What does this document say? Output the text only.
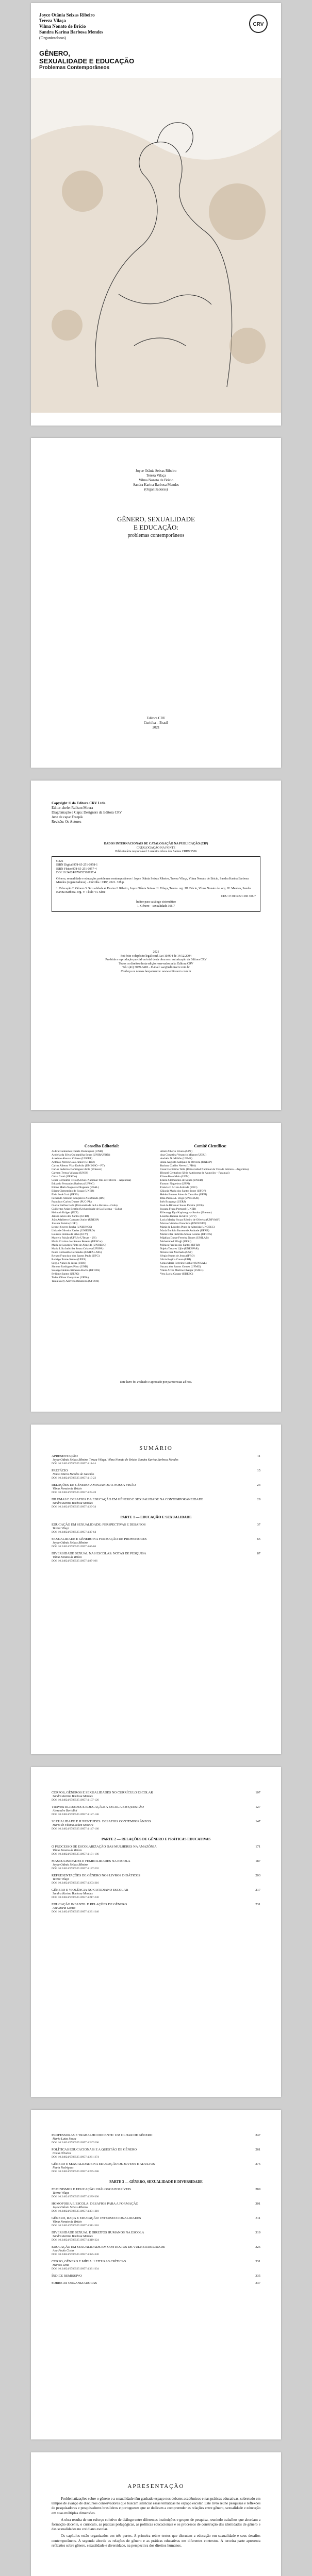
Joyce Otânia Seixas Ribeiro
Tereza Vilaça
Vilma Nonato de Brício
Sandra Karina Barbosa Mendes
(Organizadoras)
CRV
GÊNERO,
SEXUALIDADE E EDUCAÇÃO
Problemas Contemporâneos
Joyce Otânia Seixas Ribeiro
Tereza Vilaça
Vilma Nonato de Brício
Sandra Karina Barbosa Mendes
(Organizadoras)
GÊNERO, SEXUALIDADE
E EDUCAÇÃO:
problemas contemporâneos
Editora CRV
Curitiba – Brasil
2021
Copyright © da Editora CRV Ltda.
Editor-chefe: Railson Moura
Diagramação e Capa: Designers da Editora CRV
Arte de capa: Freepik
Revisão: Os Autores
DADOS INTERNACIONAIS DE CATALOGAÇÃO NA PUBLICAÇÃO (CIP)
CATALOGAÇÃO NA FONTE
Bibliotecária responsável: Luzenira Alves dos Santos CRB9/1506
G326
ISBN Digital 978-65-251-0958-1
ISBN Físico 978-65-251-0957-4
DOI 10.24824/978652510957.4
Gênero, sexualidade e educação: problemas contemporâneos / Joyce Otânia Seixas Ribeiro, Tereza Vilaça, Vilma Nonato de Brício, Sandra Karina Barbosa Mendes (organizadoras) – Curitiba : CRV, 2021. 338 p.
1. Educação 2. Gênero 3. Sexualidade 4. Ensino I. Ribeiro, Joyce Otânia Seixas. II. Vilaça, Tereza. org. III. Brício, Vilma Nonato de. org. IV. Mendes, Sandra Karina Barbosa. org. V. Título VI. Série
CDU 37.01:305 CDD 306.7
Índice para catálogo sistemático
1. Gênero – sexualidade 306.7
2021
Foi feito o depósito legal conf. Lei 10.994 de 14/12/2004
Proibida a reprodução parcial ou total desta obra sem autorização da Editora CRV
Todos os direitos desta edição reservados pela: Editora CRV
Tel.: (41) 3039-6418 – E-mail: sac@editoracrv.com.br
Conheça os nossos lançamentos: www.editoracrv.com.br
Conselho Editorial:
Aldira Guimarães Duarte Domínguez (UNB)
Andréia da Silva Quintanilha Sousa (UNIR/UFRN)
Anselmo Alencar Colares (UFOPA)
Antônio Pereira Gaio Júnior (UFRRJ)
Carlos Alberto Vilar Estêvão (UMINHO – PT)
Carlos Federico Dominguez Avila (Unieuro)
Carmen Tereza Velanga (UNIR)
Celso Conti (UFSCar)
Cesar Gerónimo Tello (Univer. Nacional Três de Febrero – Argentina)
Eduardo Fernandes Barbosa (UFMG)
Elione Maria Nogueira Diogenes (UFAL)
Elizeu Clementino de Souza (UNEB)
Élsio José Corá (UFFS)
Fernando Antônio Gonçalves Alcoforado (IPB)
Francisco Carlos Duarte (PUC-PR)
Gloria Fariñas León (Universidade de La Havana – Cuba)
Guillermo Arias Beatón (Universidade de La Havana – Cuba)
Helmuth Krüger (UCP)
Jailson Alves dos Santos (UFRJ)
João Adalberto Campato Junior (UNESP)
Josania Portela (UFPI)
Leonel Severo Rocha (UNISINOS)
Lídia de Oliveira Xavier (UNIEURO)
Lourdes Helena da Silva (UFV)
Marcelo Paixão (UFRJ e UTexas – US)
Maria Cristina dos Santos Bezerra (UFSCar)
Maria de Lourdes Pinto de Almeida (UNOESC)
Maria Lília Imbiriba Sousa Colares (UFOPA)
Paulo Romualdo Hernandes (UNIFAL-MG)
Renato Francisco dos Santos Paula (UFG)
Rodrigo Pratte-Santos (UFES)
Sérgio Nunes de Jesus (IFRO)
Simone Rodrigues Pinto (UNB)
Solange Helena Ximenes-Rocha (UFOPA)
Sydione Santos (UEPG)
Tadeu Oliver Gonçalves (UFPA)
Tania Suely Azevedo Brasileiro (UFOPA)
Comitê Científico:
Altair Alberto Fávero (UPF)
Ana Chrystina Venancio Mignot (UERJ)
Andréia N. Militão (UEMS)
Anna Augusta Sampaio de Oliveira (UNESP)
Barbara Coelho Neves (UFBA)
Cesar Gerónimo Tello (Universidad Nacional de Três de Febrero – Argentina)
Diosnel Centurion (Univ Autónoma de Asunción – Paraguai)
Eliane Rose Maio (UEM)
Elizeu Clementino de Souza (UNEB)
Fauston Negreiros (UFPI)
Francisco Ari de Andrade (UFC)
Gláucia Maria dos Santos Jorge (UFOP)
Helder Buenos Aires de Carvalho (UFPI)
Ilma Passos A. Veiga (UNICEUB)
Inês Bragança (UERJ)
José de Ribamar Sousa Pereira (UCB)
Jussara Fraga Portugal (UNEB)
Kilwangy Kya Kapitango-a-Samba (Unemat)
Lourdes Helena da Silva (UFV)
Lucia Marisy Souza Ribeiro de Oliveira (UNIVASF)
Marcos Vinicius Francisco (UNOESTE)
Maria de Lourdes Pinto de Almeida (UNOESC)
Maria Eurácia Barreto de Andrade (UFRB)
Maria Lília Imbiriba Sousa Colares (UFOPA)
Míghian Danae Ferreira Nunes (UNILAB)
Mohammed Elhajji (UFRJ)
Mônica Pereira dos Santos (UFRJ)
Najela Tavares Ujiie (UNESPAR)
Nilson José Machado (USP)
Sérgio Nunes de Jesus (IFRO)
Silvia Regina Canan (URI)
Sonia Maria Ferreira Koehler (UNISAL)
Suzana dos Santos Gomes (UFMG)
Vânia Alves Martins Chaigar (FURG)
Vera Lucia Gaspar (UDESC)
Este livro foi avaliado e aprovado por pareceristas ad hoc.
SUMÁRIO
APRESENTAÇÃO	11
Joyce Otânia Seixas Ribeiro, Tereza Vilaça, Vilma Nonato de Brício, Sandra Karina Barbosa Mendes
DOI: 10.24824/978652510957.4.11-14
PREFÁCIO	15
Neusa Maria Mendes de Gusmão
DOI: 10.24824/978652510957.4.15-22
RELAÇÕES DE GÊNERO: AMPLIANDO A NOSSA VISÃO	23
Vilma Nonato de Brício
DOI: 10.24824/978652510957.4.23-28
DILEMAS E DESAFIOS DA EDUCAÇÃO EM GÊNERO E SEXUALIDADE NA CONTEMPORANEIDADE	29
Sandra Karina Barbosa Mendes
DOI: 10.24824/978652510957.4.29-34
PARTE 1 — EDUCAÇÃO E SEXUALIDADE
EDUCAÇÃO EM SEXUALIDADE: PERSPECTIVAS E DESAFIOS	37
Tereza Vilaça
DOI: 10.24824/978652510957.4.37-64
SEXUALIDADE E GÊNERO NA FORMAÇÃO DE PROFESSORES	65
Joyce Otânia Seixas Ribeiro
DOI: 10.24824/978652510957.4.65-86
DIVERSIDADE SEXUAL NAS ESCOLAS: NOTAS DE PESQUISA	87
Vilma Nonato de Brício
DOI: 10.24824/978652510957.4.87-106
CORPOS, GÊNEROS E SEXUALIDADES NO CURRÍCULO ESCOLAR	107
Sandra Karina Barbosa Mendes
DOI: 10.24824/978652510957.4.107-126
TRAVESTILIDADES E EDUCAÇÃO: A ESCOLA EM QUESTÃO	127
Alexandre Bortolini
DOI: 10.24824/978652510957.4.127-146
SEXUALIDADE E JUVENTUDES: DESAFIOS CONTEMPORÂNEOS	147
Maria de Fátima Salum Moreira
DOI: 10.24824/978652510957.4.147-166
PARTE 2 — RELAÇÕES DE GÊNERO E PRÁTICAS EDUCATIVAS
O PROCESSO DE ESCOLARIZAÇÃO DAS MULHERES NA AMAZÔNIA	171
Vilma Nonato de Brício
DOI: 10.24824/978652510957.4.171-186
MASCULINIDADES E FEMINILIDADES NA ESCOLA	187
Joyce Otânia Seixas Ribeiro
DOI: 10.24824/978652510957.4.187-202
REPRESENTAÇÕES DE GÊNERO NOS LIVROS DIDÁTICOS	203
Tereza Vilaça
DOI: 10.24824/978652510957.4.203-216
GÊNERO E VIOLÊNCIA NO COTIDIANO ESCOLAR	217
Sandra Karina Barbosa Mendes
DOI: 10.24824/978652510957.4.217-230
EDUCAÇÃO INFANTIL E RELAÇÕES DE GÊNERO	231
Ana Maria Gomes
DOI: 10.24824/978652510957.4.231-246
PROFESSORAS E TRABALHO DOCENTE: UM OLHAR DE GÊNERO	247
Maria Luiza Souza
DOI: 10.24824/978652510957.4.247-260
POLÍTICAS EDUCACIONAIS E A QUESTÃO DE GÊNERO	261
Carla Oliveira
DOI: 10.24824/978652510957.4.261-274
GÊNERO E SEXUALIDADE NA EDUCAÇÃO DE JOVENS E ADULTOS	275
Paula Rodrigues
DOI: 10.24824/978652510957.4.275-286
PARTE 3 — GÊNERO, SEXUALIDADE E DIVERSIDADE
FEMINISMOS E EDUCAÇÃO: DIÁLOGOS POSSÍVEIS	289
Tereza Vilaça
DOI: 10.24824/978652510957.4.289-300
HOMOFOBIA E ESCOLA: DESAFIOS PARA A FORMAÇÃO	301
Joyce Otânia Seixas Ribeiro
DOI: 10.24824/978652510957.4.301-310
GÊNERO, RAÇA E EDUCAÇÃO: INTERSECCIONALIDADES	311
Vilma Nonato de Brício
DOI: 10.24824/978652510957.4.311-318
DIVERSIDADE SEXUAL E DIREITOS HUMANOS NA ESCOLA	319
Sandra Karina Barbosa Mendes
DOI: 10.24824/978652510957.4.319-324
EDUCAÇÃO EM SEXUALIDADE EM CONTEXTOS DE VULNERABILIDADE	325
Ana Paula Costa
DOI: 10.24824/978652510957.4.325-330
CORPO, GÊNERO E MÍDIA: LEITURAS CRÍTICAS	331
Marcos Lima
DOI: 10.24824/978652510957.4.331-334
ÍNDICE REMISSIVO	335
SOBRE AS ORGANIZADORAS	337
APRESENTAÇÃO

Problematizações sobre o gênero e a sexualidade têm ganhado espaço nos debates acadêmicos e nas práticas educativas, sobretudo em tempos de avanço de discursos conservadores que buscam silenciar essas temáticas no espaço escolar. Este livro reúne pesquisas e reflexões de pesquisadoras e pesquisadores brasileiros e portugueses que se dedicam a compreender as relações entre gênero, sexualidade e educação em suas múltiplas dimensões.

A obra resulta de um esforço coletivo de diálogo entre diferentes instituições e grupos de pesquisa, reunindo trabalhos que abordam a formação docente, o currículo, as práticas pedagógicas, as políticas educacionais e os processos de construção das identidades de gênero e das sexualidades no cotidiano escolar.

Os capítulos estão organizados em três partes. A primeira reúne textos que discutem a educação em sexualidade e seus desafios contemporâneos. A segunda aborda as relações de gênero e as práticas educativas em diferentes contextos. A terceira parte apresenta reflexões sobre gênero, sexualidade e diversidade, na perspectiva dos direitos humanos.
